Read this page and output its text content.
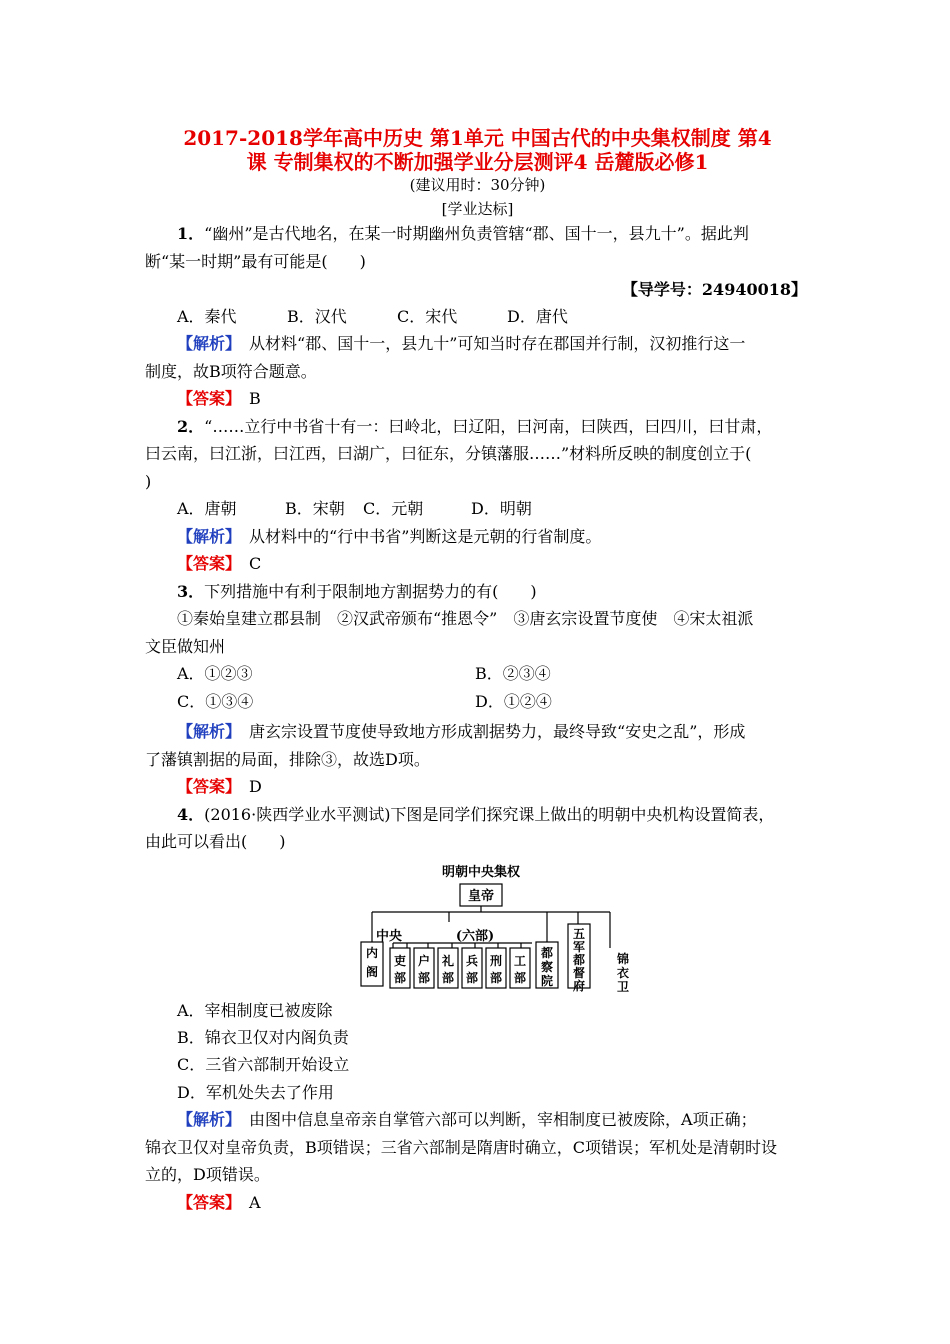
2017-2018学年高中历史 第1单元 中国古代的中央集权制度 第4
课 专制集权的不断加强学业分层测评4 岳麓版必修1
(建议用时：30分钟)
[学业达标]
1．“幽州”是古代地名，在某一时期幽州负责管辖“郡、国十一，县九十”。据此判
断“某一时期”最有可能是(　　)
【导学号：24940018】
A．秦代	B．汉代	C．宋代	D．唐代
【解析】　 从材料“郡、国十一，县九十”可知当时存在郡国并行制，汉初推行这一
制度，故B项符合题意。
【答案】　 B
2．“……立行中书省十有一：曰岭北，曰辽阳，曰河南，曰陕西，曰四川，曰甘肃，
曰云南，曰江浙，曰江西，曰湖广，曰征东，分镇藩服……”材料所反映的制度创立于(
)
A．唐朝	B．宋朝 C．元朝	D．明朝
【解析】　 从材料中的“行中书省”判断这是元朝的行省制度。
【答案】　 C
3．下列措施中有利于限制地方割据势力的有(　　)
①秦始皇建立郡县制　②汉武帝颁布“推恩令”　③唐玄宗设置节度使　④宋太祖派
文臣做知州
A．①②③	B．②③④
C．①③④	D．①②④
【解析】　 唐玄宗设置节度使导致地方形成割据势力，最终导致“安史之乱”，形成
了藩镇割据的局面，排除③，故选D项。
【答案】　 D
4．(2016·陕西学业水平测试)下图是同学们探究课上做出的明朝中央机构设置简表，
由此可以看出(　　)
明朝中央集权
皇帝
中央	(六部)
内阁
吏部
户部
礼部
兵部
刑部
工部
都察院
五军都督府
锦衣卫
A．宰相制度已被废除
B．锦衣卫仅对内阁负责
C．三省六部制开始设立
D．军机处失去了作用
【解析】　 由图中信息皇帝亲自掌管六部可以判断，宰相制度已被废除，A项正确；
锦衣卫仅对皇帝负责，B项错误；三省六部制是隋唐时确立，C项错误；军机处是清朝时设
立的，D项错误。
【答案】　 A
